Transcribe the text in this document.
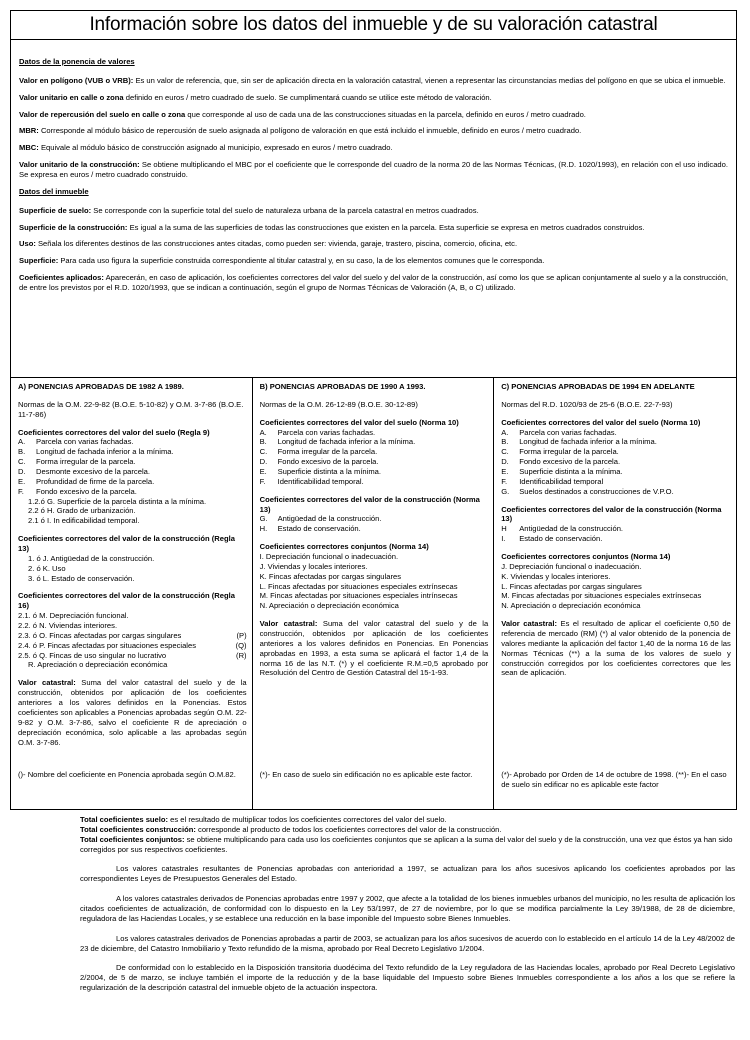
Información sobre los datos del inmueble y de su valoración catastral
Datos de la ponencia de valores
Valor en polígono (VUB o VRB): Es un valor de referencia, que, sin ser de aplicación directa en la valoración catastral, vienen a representar las circunstancias medias del polígono en que se ubica el inmueble.
Valor unitario en calle o zona definido en euros / metro cuadrado de suelo. Se cumplimentará cuando se utilice este método de valoración.
Valor de repercusión del suelo en calle o zona que corresponde al uso de cada una de las construcciones situadas en la parcela, definido en euros / metro cuadrado.
MBR: Corresponde al módulo básico de repercusión de suelo asignada al polígono de valoración en que está incluido el inmueble, definido en euros / metro cuadrado.
MBC: Equivale al módulo básico de construcción asignado al municipio, expresado en euros / metro cuadrado.
Valor unitario de la construcción: Se obtiene multiplicando el MBC por el coeficiente que le corresponde del cuadro de la norma 20 de las Normas Técnicas, (R.D. 1020/1993), en relación con el uso indicado. Se expresa en euros / metro cuadrado construido.
Datos del inmueble
Superficie de suelo: Se corresponde con la superficie total del suelo de naturaleza urbana de la parcela catastral en metros cuadrados.
Superficie de la construcción: Es igual a la suma de las superficies de todas las construcciones que existen en la parcela. Esta superficie se expresa en metros cuadrados construidos.
Uso: Señala los diferentes destinos de las construcciones antes citadas, como pueden ser: vivienda, garaje, trastero, piscina, comercio, oficina, etc.
Superficie: Para cada uso figura la superficie construida correspondiente al titular catastral y, en su caso, la de los elementos comunes que le corresponda.
Coeficientes aplicados: Aparecerán, en caso de aplicación, los coeficientes correctores del valor del suelo y del valor de la construcción, así como los que se aplican conjuntamente al suelo y a la construcción, de entre los previstos por el R.D. 1020/1993, que se indican a continuación, según el grupo de Normas Técnicas de Valoración (A, B, o C) utilizado.
A) PONENCIAS APROBADAS DE 1982 A 1989.
Normas de la O.M. 22-9-82 (B.O.E. 5-10-82) y O.M. 3-7-86 (B.O.E. 11-7-86)
Coeficientes correctores del valor del suelo (Regla 9)
A.	Parcela con varias fachadas.
B.	Longitud de fachada inferior a la mínima.
C.	Forma irregular de la parcela.
D.	Desmonte excesivo de la parcela.
E.	Profundidad de firme de la parcela.
F.	Fondo excesivo de la parcela.
1.2.ó G. Superficie de la parcela distinta a la mínima.
2.2 ó H. Grado de urbanización.
2.1 ó I. In edificabilidad temporal.
Coeficientes correctores del valor de la construcción (Regla 13)
1. ó J. Antigüedad de la construcción.
2. ó K. Uso
3. ó L. Estado de conservación.
Coeficientes correctores del valor de la construcción (Regla 16)
2.1. ó M. Depreciación funcional.
2.2. ó N. Viviendas interiores.
2.3. ó O. Fincas afectadas por cargas singulares	(P)
2.4. ó P. Fincas afectadas por situaciones especiales	(Q)
2.5. ó Q. Fincas de uso singular no lucrativo	(R)
R. Apreciación o depreciación económica
Valor catastral: Suma del valor catastral del suelo y de la construcción, obtenidos por aplicación de los coeficientes anteriores a los valores definidos en la Ponencias. Estos coeficientes son aplicables a Ponencias aprobadas según O.M. 22-9-82 y O.M. 3-7-86, salvo el coeficiente R de apreciación o depreciación económica, solo aplicable a las aprobadas según O.M. 3-7-86.
()- Nombre del coeficiente en Ponencia aprobada según O.M.82.
B) PONENCIAS APROBADAS DE 1990 A 1993.
Normas de la O.M. 26-12-89 (B.O.E. 30-12-89)
Coeficientes correctores del valor del suelo (Norma 10)
A.	Parcela con varias fachadas.
B.	Longitud de fachada inferior a la mínima.
C.	Forma irregular de la parcela.
D.	Fondo excesivo de la parcela.
E.	Superficie distinta a la mínima.
F.	Identificabilidad temporal.
Coeficientes correctores del valor de la construcción (Norma 13)
G.	Antigüedad de la construcción.
H.	Estado de conservación.
Coeficientes correctores conjuntos (Norma 14)
I. Depreciación funcional o inadecuación.
J. Viviendas y locales interiores.
K. Fincas afectadas por cargas singulares
L. Fincas afectadas por situaciones especiales extrínsecas
M. Fincas afectadas por situaciones especiales intrínsecas
N. Apreciación o depreciación económica
Valor catastral: Suma del valor catastral del suelo y de la construcción, obtenidos por aplicación de los coeficientes anteriores a los valores definidos en Ponencias. En Ponencias aprobadas en 1993, a esta suma se aplicará el factor 1,4 de la norma 16 de las N.T. (*) y el coeficiente R.M.=0,5 aprobado por Resolución del Centro de Gestión Catastral del 15-1-93.
(*)- En caso de suelo sin edificación no es aplicable este factor.
C) PONENCIAS APROBADAS DE 1994 EN ADELANTE
Normas del R.D. 1020/93 de 25-6 (B.O.E. 22-7-93)
Coeficientes correctores del valor del suelo (Norma 10)
A.	Parcela con varias fachadas.
B.	Longitud de fachada inferior a la mínima.
C.	Forma irregular de la parcela.
D.	Fondo excesivo de la parcela.
E.	Superficie distinta a la mínima.
F.	Identificabilidad temporal
G.	Suelos destinados a construcciones de V.P.O.
Coeficientes correctores del valor de la construcción (Norma 13)
H	Antigüedad de la construcción.
I.	Estado de conservación.
Coeficientes correctores conjuntos (Norma 14)
J. Depreciación funcional o inadecuación.
K. Viviendas y locales interiores.
L. Fincas afectadas por cargas singulares
M. Fincas afectadas por situaciones especiales extrínsecas
N. Apreciación o depreciación económica
Valor catastral: Es el resultado de aplicar el coeficiente 0,50 de referencia de mercado (RM) (*) al valor obtenido de la ponencia de valores mediante la aplicación del factor 1,40 de la norma 16 de las Normas Técnicas (**) a la suma de los valores de suelo y construcción corregidos por los coeficientes correctores que les sean de aplicación.
(*)- Aprobado por Orden de 14 de octubre de 1998. (**)- En el caso de suelo sin edificar no es aplicable este factor
Total coeficientes suelo: es el resultado de multiplicar todos los coeficientes correctores del valor del suelo.
Total coeficientes construcción: corresponde al producto de todos los coeficientes correctores del valor de la construcción.
Total coeficientes conjuntos: se obtiene multiplicando para cada uso los coeficientes conjuntos que se aplican a la suma del valor del suelo y de la construcción, una vez que éstos ya han sido corregidos por sus respectivos coeficientes.
Los valores catastrales resultantes de Ponencias aprobadas con anterioridad a 1997, se actualizan para los años sucesivos aplicando los coeficientes aprobados por las correspondientes Leyes de Presupuestos Generales del Estado.
A los valores catastrales derivados de Ponencias aprobadas entre 1997 y 2002, que afecte a la totalidad de los bienes inmuebles urbanos del municipio, no les resulta de aplicación los citados coeficientes de actualización, de conformidad con lo dispuesto en la Ley 53/1997, de 27 de noviembre, por lo que se modifica parcialmente la Ley 39/1988, de 28 de diciembre, reguladora de las Haciendas Locales, y se establece una reducción en la base imponible del Impuesto sobre Bienes Inmuebles.
Los valores catastrales derivados de Ponencias aprobadas a partir de 2003, se actualizan para los años sucesivos de acuerdo con lo establecido en el artículo 14 de la Ley 48/2002 de 23 de diciembre, del Catastro Inmobiliario y Texto refundido de la misma, aprobado por Real Decreto Legislativo 1/2004.
De conformidad con lo establecido en la Disposición transitoria duodécima del Texto refundido de la Ley reguladora de las Haciendas locales, aprobado por Real Decreto Legislativo 2/2004, de 5 de marzo, se incluye también el importe de la reducción y de la base liquidable del Impuesto sobre Bienes Inmuebles correspondiente a los años a los que se refiere la regularización de la descripción catastral del inmueble objeto de la actuación inspectora.
